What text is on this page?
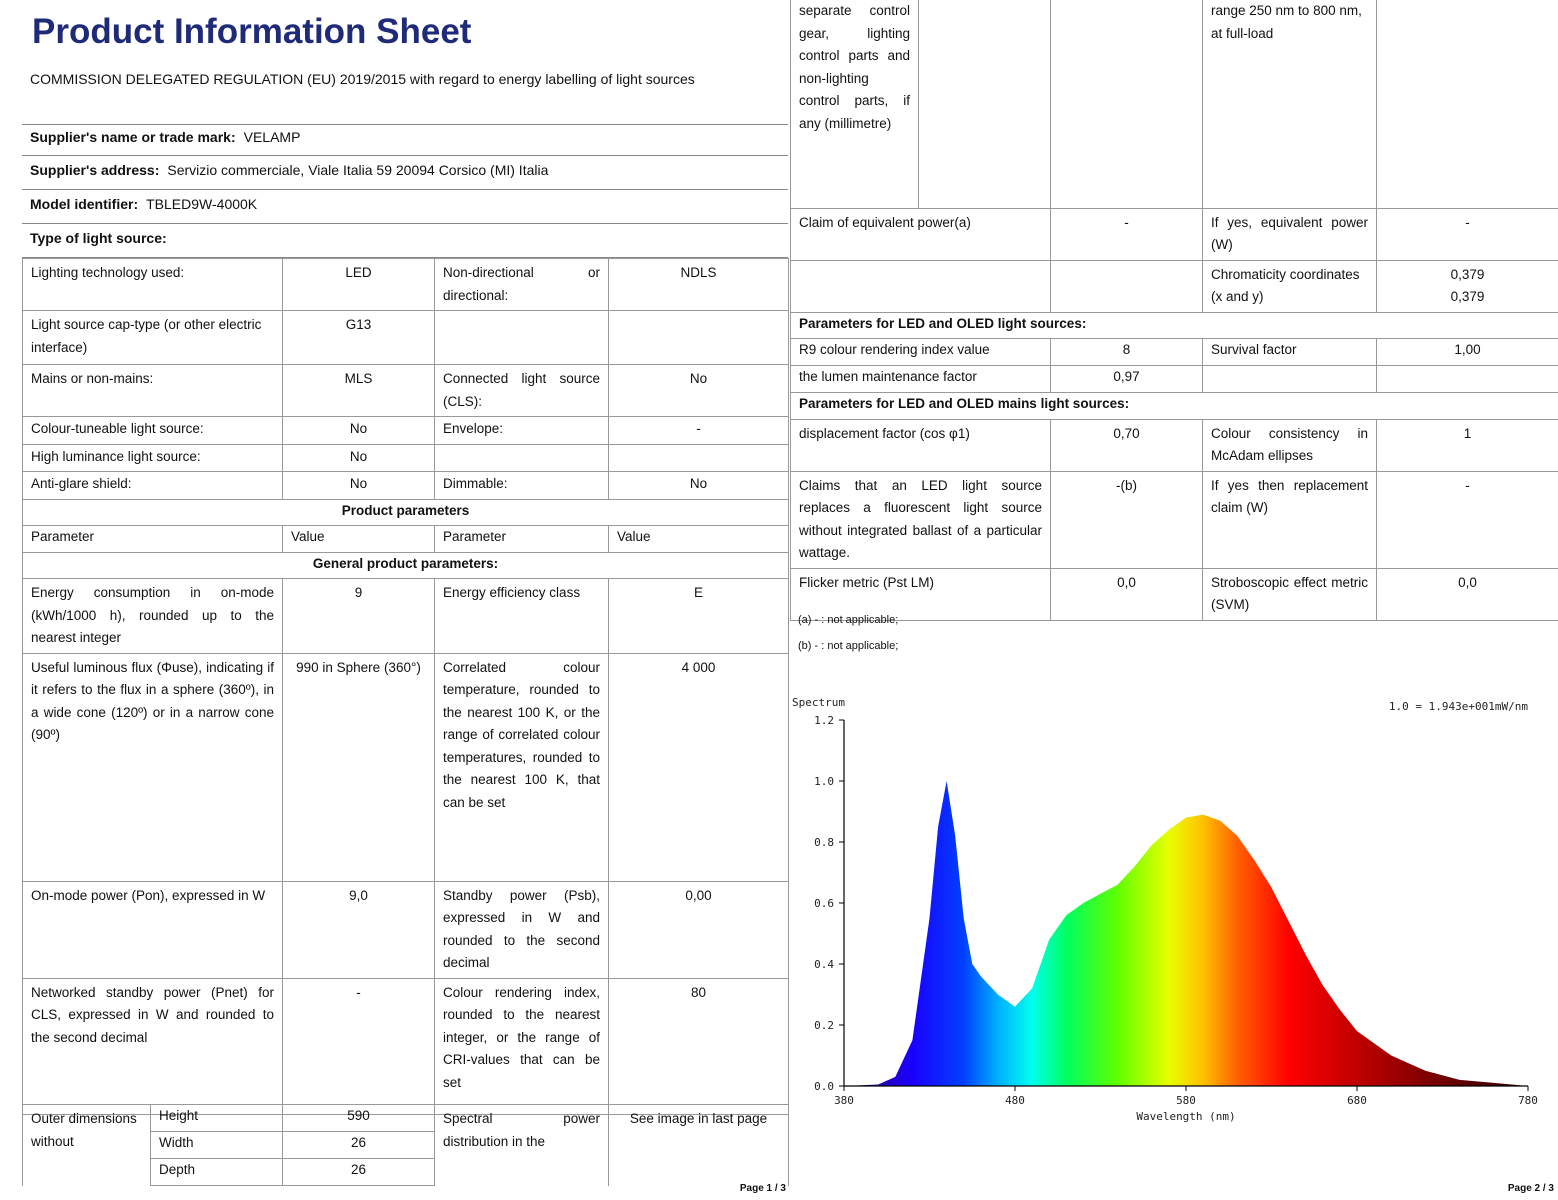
Product Information Sheet
COMMISSION DELEGATED REGULATION (EU) 2019/2015 with regard to energy labelling of light sources
Supplier's name or trade mark: VELAMP
Supplier's address: Servizio commerciale, Viale Italia 59 20094 Corsico (MI) Italia
Model identifier: TBLED9W-4000K
Type of light source:
Lighting technology used:	LED	Non-directional or directional:	NDLS
Light source cap-type (or other electric interface)	G13		
Mains or non-mains:	MLS	Connected light source (CLS):	No
Colour-tuneable light source:	No	Envelope:	-
High luminance light source:	No		
Anti-glare shield:	No	Dimmable:	No
Product parameters			
Parameter	Value	Parameter	Value
General product parameters:			
Energy consumption in on-mode (kWh/1000 h), rounded up to the nearest integer	9	Energy efficiency class	E
Useful luminous flux (Φuse), indicating if it refers to the flux in a sphere (360º), in a wide cone (120º) or in a narrow cone (90º)	990 in Sphere (360°)	Correlated colour temperature, rounded to the nearest 100 K, or the range of correlated colour temperatures, rounded to the nearest 100 K, that can be set	4 000
On-mode power (Pon), expressed in W	9,0	Standby power (Psb), expressed in W and rounded to the second decimal	0,00
Networked standby power (Pnet) for CLS, expressed in W and rounded to the second decimal	-	Colour rendering index, rounded to the nearest integer, or the range of CRI-values that can be set	80
Outer dimensions without	Height	590	Spectral power distribution in the	See image in last page
	Width	26		
	Depth	26		
Page 1 / 3
separate control gear, lighting control parts and non-lighting control parts, if any (millimetre)			range 250 nm to 800 nm, at full-load	
Claim of equivalent power(a)		-	If yes, equivalent power (W)	-
			Chromaticity coordinates (x and y)	0,379 0,379
Parameters for LED and OLED light sources:				
R9 colour rendering index value		8	Survival factor	1,00
the lumen maintenance factor		0,97		
Parameters for LED and OLED mains light sources:				
displacement factor (cos φ1)		0,70	Colour consistency in McAdam ellipses	1
Claims that an LED light source replaces a fluorescent light source without integrated ballast of a particular wattage.		-(b)	If yes then replacement claim (W)	-
Flicker metric (Pst LM)		0,0	Stroboscopic effect metric (SVM)	0,0
(a) - : not applicable;
(b) - : not applicable;
Spectrum	1.0 = 1.943e+001mW/nm
0.0
0.2
0.4
0.6
0.8
1.0
1.2
380	480	580	680	780
Wavelength (nm)
Page 2 / 3
